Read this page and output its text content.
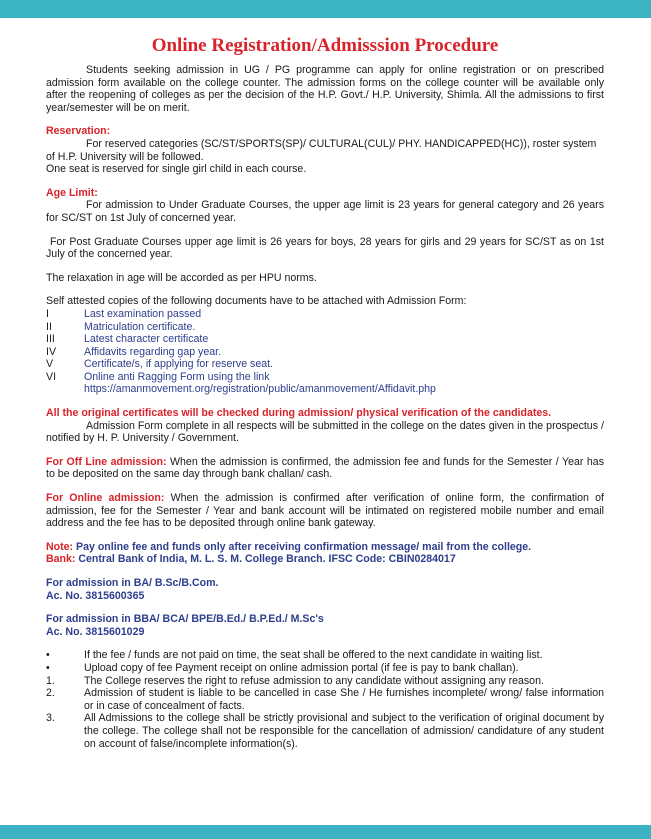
Online Registration/Admisssion Procedure

Students seeking admission in UG / PG programme can apply for online registration or on prescribed admission form available on the college counter. The admission forms on the college counter will be available only after the reopening of colleges as per the decision of the H.P. Govt./ H.P. University, Shimla. All the admissions to first year/semester will be on merit.

Reservation:

For reserved categories (SC/ST/SPORTS(SP)/ CULTURAL(CUL)/ PHY. HANDICAPPED(HC)), roster system of H.P. University will be followed.

One seat is reserved for single girl child in each course.

Age Limit:

For admission to Under Graduate Courses, the upper age limit is 23 years for general category and 26 years for SC/ST on 1st July of concerned year.

For Post Graduate Courses upper age limit is 26 years for boys, 28 years for girls and 29 years for SC/ST as on 1st July of the concerned year.

The relaxation in age will be accorded as per HPU norms.

Self attested copies of the following documents have to be attached with Admission Form:

I	Last examination passed
II	Matriculation certificate.
III	Latest character certificate
IV	Affidavits regarding gap year.
V	Certificate/s, if applying for reserve seat.
VI	Online anti Ragging Form using the link
https://amanmovement.org/registration/public/amanmovement/Affidavit.php

All the original certificates will be checked during admission/ physical verification of the candidates.

Admission Form complete in all respects will be submitted in the college on the dates given in the prospectus / notified by H. P. University / Government.

For Off Line admission: When the admission is confirmed, the admission fee and funds for the Semester / Year has to be deposited on the same day through bank challan/ cash.

For Online admission: When the admission is confirmed after verification of online form, the confirmation of admission, fee for the Semester / Year and bank account will be intimated on registered mobile number and email address and the fee has to be deposited through online bank gateway.

Note: Pay online fee and funds only after receiving confirmation message/ mail from the college.

Bank: Central Bank of India, M. L. S. M. College Branch. IFSC Code: CBIN0284017

For admission in BA/ B.Sc/B.Com.

Ac. No. 3815600365

For admission in BBA/ BCA/ BPE/B.Ed./ B.P.Ed./ M.Sc's

Ac. No. 3815601029

•	If the fee / funds are not paid on time, the seat shall be offered to the next candidate in waiting list.
•	Upload copy of fee Payment receipt on online admission portal (if fee is pay to bank challan).
1.	The College reserves the right to refuse admission to any candidate without assigning any reason.
2.	Admission of student is liable to be cancelled in case She / He furnishes incomplete/ wrong/ false information or in case of concealment of facts.
3.	All Admissions to the college shall be strictly provisional and subject to the verification of original document by the college. The college shall not be responsible for the cancellation of admission/ candidature of any student on account of false/incomplete information(s).
